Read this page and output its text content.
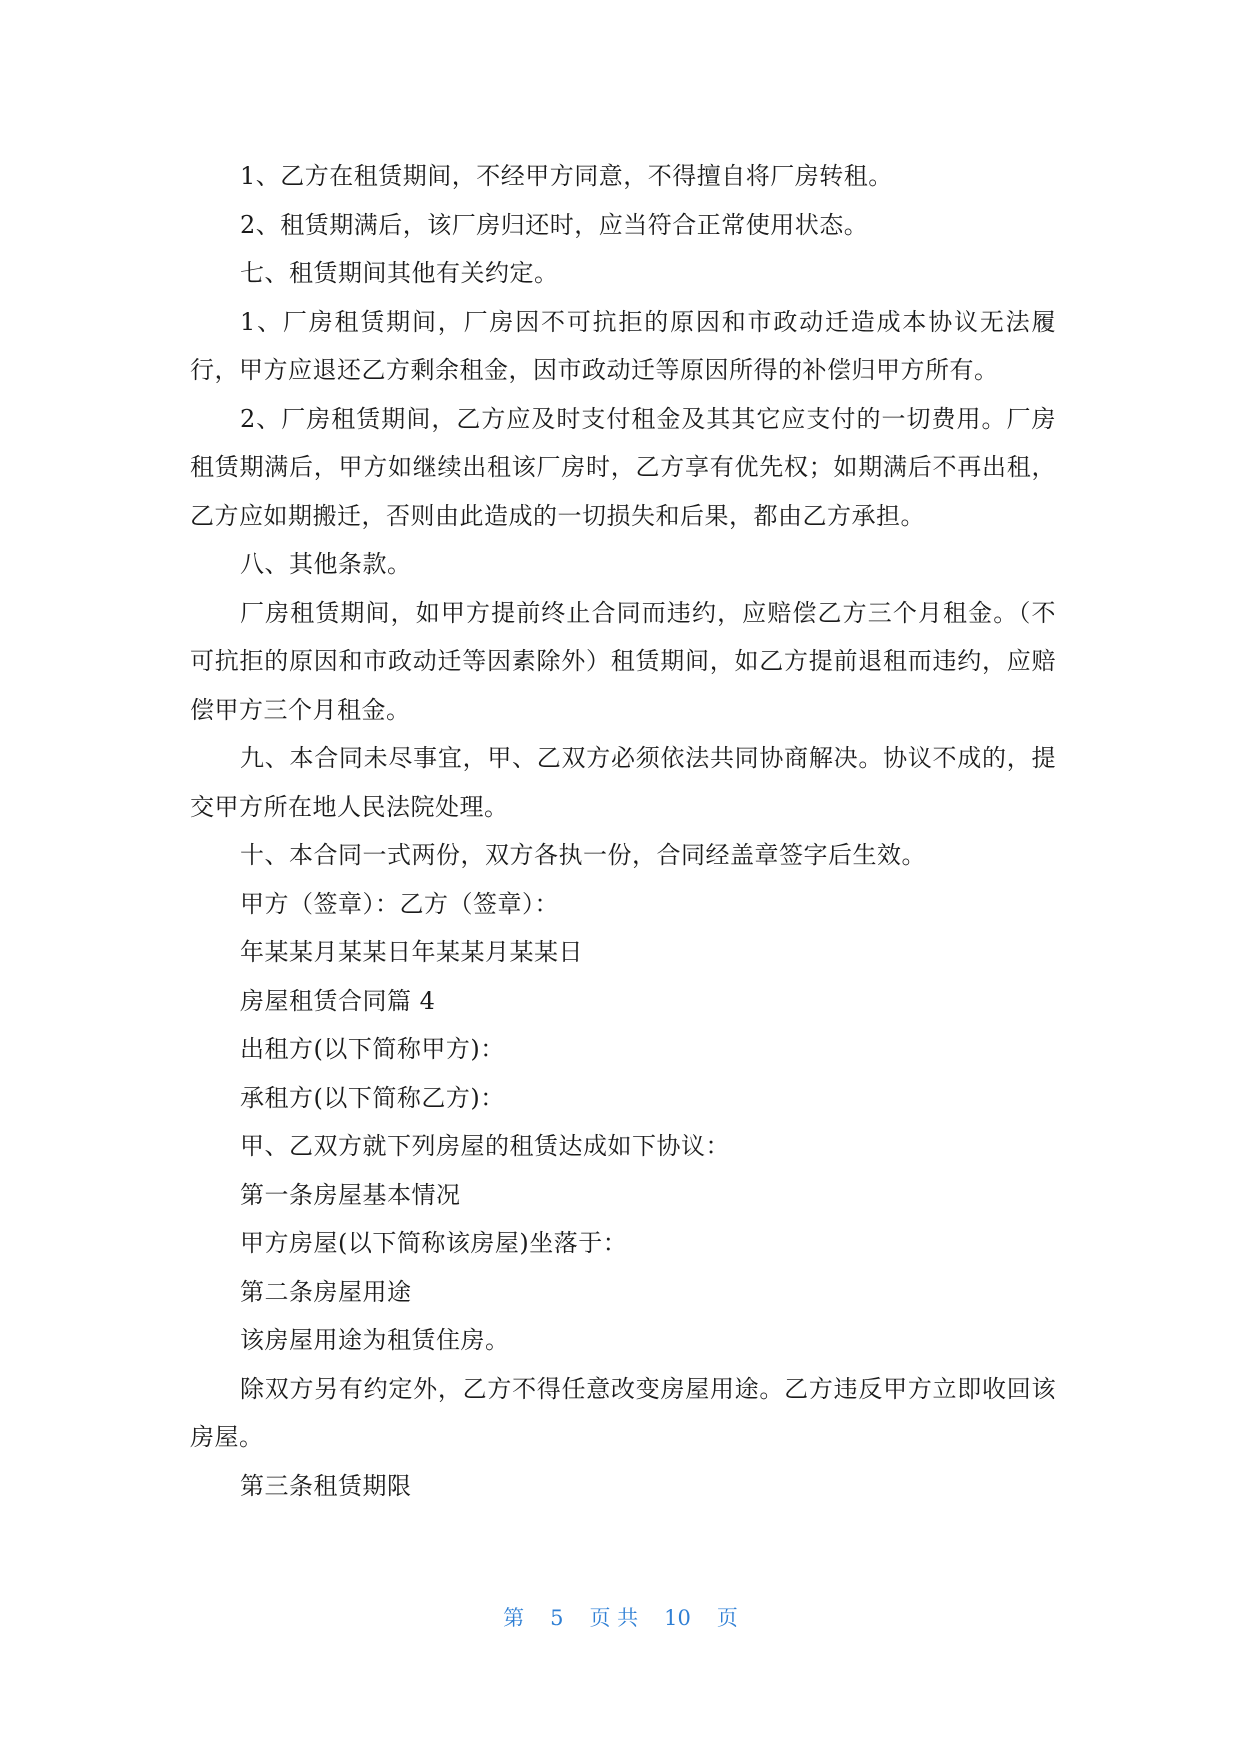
1、乙方在租赁期间，不经甲方同意，不得擅自将厂房转租。

2、租赁期满后，该厂房归还时，应当符合正常使用状态。

七、租赁期间其他有关约定。

1、厂房租赁期间，厂房因不可抗拒的原因和市政动迁造成本协议无法履行，甲方应退还乙方剩余租金，因市政动迁等原因所得的补偿归甲方所有。

2、厂房租赁期间，乙方应及时支付租金及其其它应支付的一切费用。厂房租赁期满后，甲方如继续出租该厂房时，乙方享有优先权；如期满后不再出租，乙方应如期搬迁，否则由此造成的一切损失和后果，都由乙方承担。

八、其他条款。

厂房租赁期间，如甲方提前终止合同而违约，应赔偿乙方三个月租金。（不可抗拒的原因和市政动迁等因素除外）租赁期间，如乙方提前退租而违约，应赔偿甲方三个月租金。

九、本合同未尽事宜，甲、乙双方必须依法共同协商解决。协议不成的，提交甲方所在地人民法院处理。

十、本合同一式两份，双方各执一份，合同经盖章签字后生效。

甲方（签章）：乙方（签章）：

年某某月某某日年某某月某某日

房屋租赁合同篇 4

出租方(以下简称甲方)：

承租方(以下简称乙方)：

甲、乙双方就下列房屋的租赁达成如下协议：

第一条房屋基本情况

甲方房屋(以下简称该房屋)坐落于：

第二条房屋用途

该房屋用途为租赁住房。

除双方另有约定外，乙方不得任意改变房屋用途。乙方违反甲方立即收回该房屋。

第三条租赁期限

第 5 页 共 10 页
